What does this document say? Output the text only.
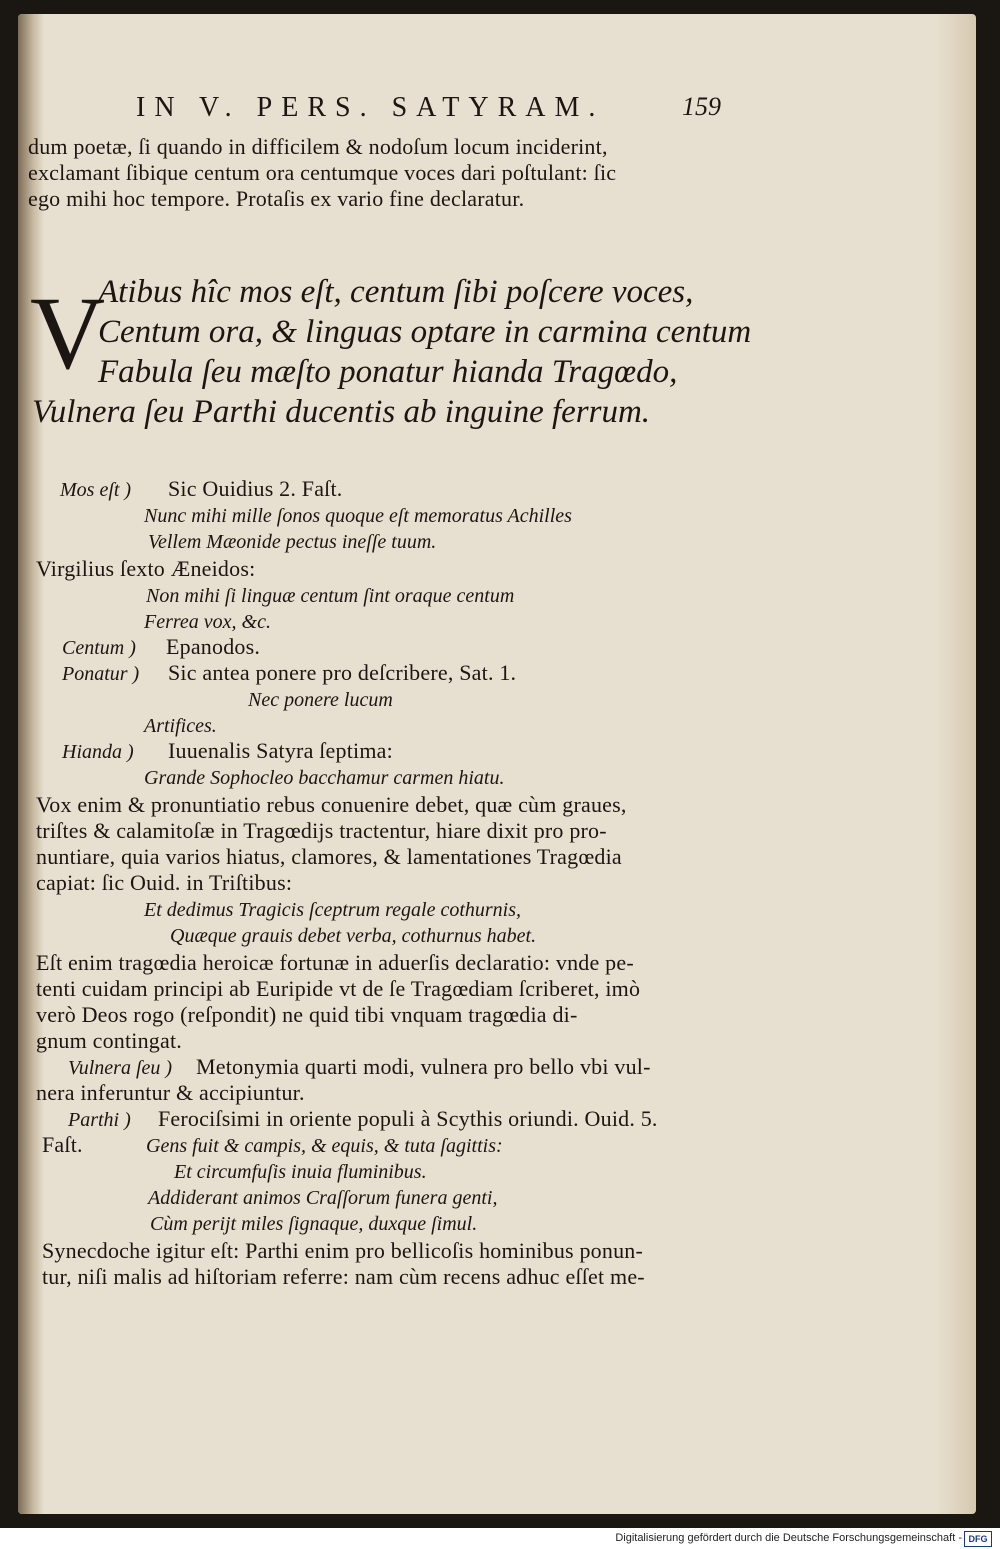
IN V. PERS. SATYRAM.	159
dum poetæ, ſi quando in difficilem & nodoſum locum inciderint,
exclamant ſibique centum ora centumque voces dari poſtulant: ſic
ego mihi hoc tempore. Protaſis ex vario fine declaratur.
V
Atibus hîc mos eſt, centum ſibi poſcere voces,
Centum ora, & linguas optare in carmina centum
Fabula ſeu mæſto ponatur hianda Tragœdo,
Vulnera ſeu Parthi ducentis ab inguine ferrum.
Mos eſt ) Sic Ouidius 2. Faſt.
Nunc mihi mille ſonos quoque eſt memoratus Achilles
Vellem Mæonide pectus ineſſe tuum.
Virgilius ſexto Æneidos:
Non mihi ſi linguæ centum ſint oraque centum
Ferrea vox, &c.
Centum ) Epanodos.
Ponatur ) Sic antea ponere pro deſcribere, Sat. 1.
Nec ponere lucum
Artifices.
Hianda ) Iuuenalis Satyra ſeptima:
Grande Sophocleo bacchamur carmen hiatu.
Vox enim & pronuntiatio rebus conuenire debet, quæ cùm graues,
triſtes & calamitoſæ in Tragœdijs tractentur, hiare dixit pro pro-
nuntiare, quia varios hiatus, clamores, & lamentationes Tragœdia
capiat: ſic Ouid. in Triſtibus:
Et dedimus Tragicis ſceptrum regale cothurnis,
Quæque grauis debet verba, cothurnus habet.
Eſt enim tragœdia heroicæ fortunæ in aduerſis declaratio: vnde pe-
tenti cuidam principi ab Euripide vt de ſe Tragœdiam ſcriberet, imò
verò Deos rogo (reſpondit) ne quid tibi vnquam tragœdia di-
gnum contingat.
Vulnera ſeu ) Metonymia quarti modi, vulnera pro bello vbi vul-
nera inferuntur & accipiuntur.
Parthi ) Ferociſsimi in oriente populi à Scythis oriundi. Ouid. 5.
Faſt.	Gens fuit & campis, & equis, & tuta ſagittis:
Et circumfuſis inuia fluminibus.
Addiderant animos Craſſorum funera genti,
Cùm perijt miles ſignaque, duxque ſimul.
Synecdoche igitur eſt: Parthi enim pro bellicoſis hominibus ponun-
tur, niſi malis ad hiſtoriam referre: nam cùm recens adhuc eſſet me-
Digitalisierung gefördert durch die Deutsche Forschungsgemeinschaft - DFG
